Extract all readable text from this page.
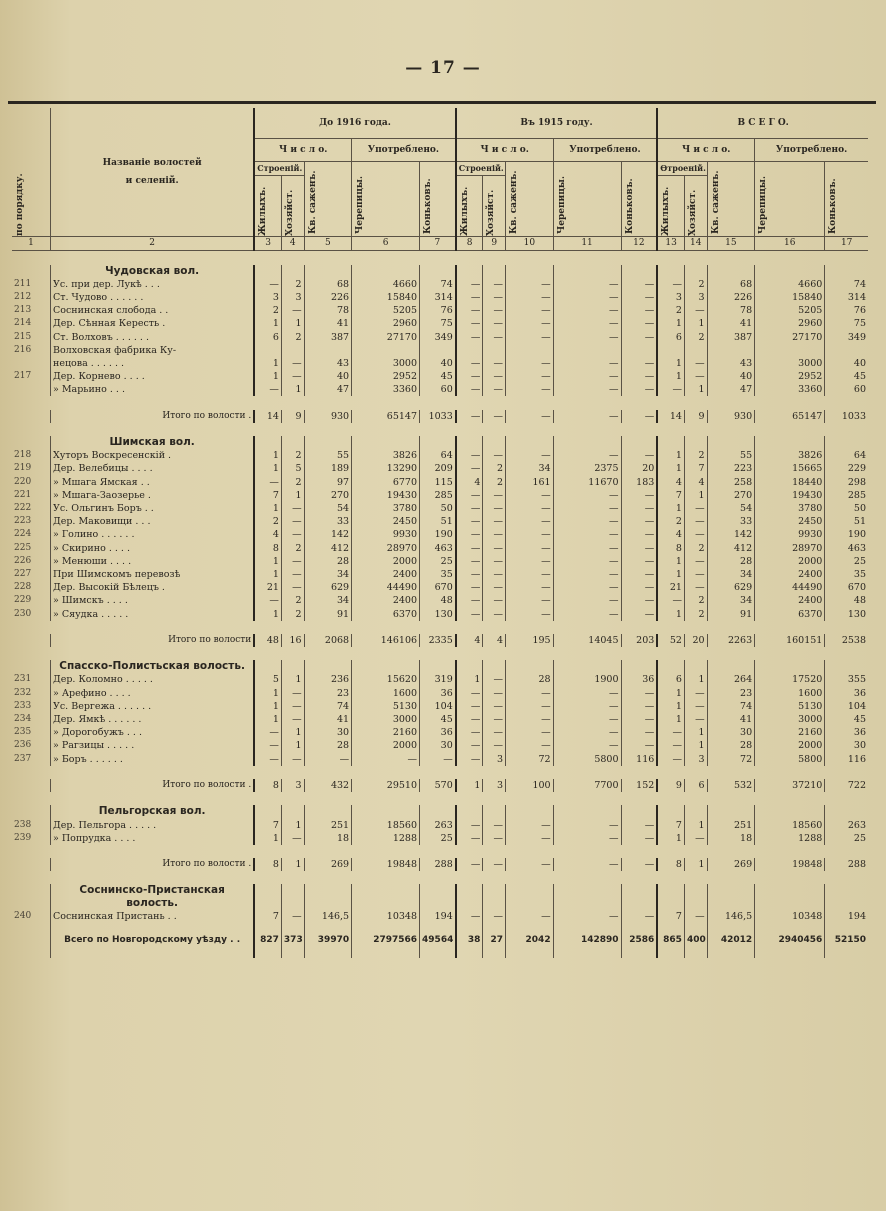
— 17 —
по порядку.	Названіе волостей
и селеній.	До 1916 года.					Въ 1915 году.					В С Е Г О.				
		Ч и с л о.			Употреблено.		Ч и с л о.			Употреблено.		Ч и с л о.			Употреблено.	
		Строеній.		Кв. саженъ.	Черепицы.	Коньковъ.	Строеній.		Кв. саженъ.	Черепицы.	Коньковъ.	Өтроеній.		Кв. саженъ.	Черепицы.	Коньковъ.

		Жилыхъ.	Хозяйст.				Жилыхъ.	Хозяйст.				Жилыхъ.	Хозяйст.			

1	2	3	4	5	6	7	8	9	10	11	12	13	14	15	16	17

	Чудовская вол.															
211	Ус. при дер. Лукѣ . . .	—	2	68	4660	74	—	—	—	—	—	—	2	68	4660	74
212	Ст. Чудово . . . . . .	3	3	226	15840	314	—	—	—	—	—	3	3	226	15840	314
213	Соснинская слобода . .	2	—	78	5205	76	—	—	—	—	—	2	—	78	5205	76
214	Дер. Сѣнная Кересть .	1	1	41	2960	75	—	—	—	—	—	1	1	41	2960	75
215	Ст. Волховъ . . . . . .	6	2	387	27170	349	—	—	—	—	—	6	2	387	27170	349
216	Волховская фабрика Ку-															
	нецова . . . . . .	1	—	43	3000	40	—	—	—	—	—	1	—	43	3000	40
217	Дер. Корнево . . . .	1	—	40	2952	45	—	—	—	—	—	1	—	40	2952	45
	» Марьино . . .	—	1	47	3360	60	—	—	—	—	—	—	1	47	3360	60

	Итого по волости .	14	9	930	65147	1033	—	—	—	—	—	14	9	930	65147	1033

	Шимская вол.															
218	Хуторъ Воскресенскій .	1	2	55	3826	64	—	—	—	—	—	1	2	55	3826	64
219	Дер. Велебицы . . . .	1	5	189	13290	209	—	2	34	2375	20	1	7	223	15665	229
220	» Мшага Ямская . .	—	2	97	6770	115	4	2	161	11670	183	4	4	258	18440	298
221	» Мшага-Заозерье .	7	1	270	19430	285	—	—	—	—	—	7	1	270	19430	285
222	Ус. Ольгинъ Боръ . .	1	—	54	3780	50	—	—	—	—	—	1	—	54	3780	50
223	Дер. Маковищи . . .	2	—	33	2450	51	—	—	—	—	—	2	—	33	2450	51
224	» Голино . . . . . .	4	—	142	9930	190	—	—	—	—	—	4	—	142	9930	190
225	» Скирино . . . .	8	2	412	28970	463	—	—	—	—	—	8	2	412	28970	463
226	» Менюши . . . .	1	—	28	2000	25	—	—	—	—	—	1	—	28	2000	25
227	При Шимскомъ перевозѣ	1	—	34	2400	35	—	—	—	—	—	1	—	34	2400	35
228	Дер. Высокій Бѣлецъ .	21	—	629	44490	670	—	—	—	—	—	21	—	629	44490	670
229	» Шимскъ . . . .	—	2	34	2400	48	—	—	—	—	—	—	2	34	2400	48
230	» Сяудка . . . . .	1	2	91	6370	130	—	—	—	—	—	1	2	91	6370	130

	Итого по волости	48	16	2068	146106	2335	4	4	195	14045	203	52	20	2263	160151	2538

	Спасско-Полистьская волость.															
231	Дер. Коломно . . . . .	5	1	236	15620	319	1	—	28	1900	36	6	1	264	17520	355
232	» Арефино . . . .	1	—	23	1600	36	—	—	—	—	—	1	—	23	1600	36
233	Ус. Вергежа . . . . . .	1	—	74	5130	104	—	—	—	—	—	1	—	74	5130	104
234	Дер. Ямкѣ . . . . . .	1	—	41	3000	45	—	—	—	—	—	1	—	41	3000	45
235	» Дорогобужъ . . .	—	1	30	2160	36	—	—	—	—	—	—	1	30	2160	36
236	» Рагзицы . . . . .	—	1	28	2000	30	—	—	—	—	—	—	1	28	2000	30
237	» Боръ . . . . . .	—	—	—	—	—	—	3	72	5800	116	—	3	72	5800	116

	Итого по волости .	8	3	432	29510	570	1	3	100	7700	152	9	6	532	37210	722

	Пельгорская вол.															
238	Дер. Пельгора . . . . .	7	1	251	18560	263	—	—	—	—	—	7	1	251	18560	263
239	» Попрудка . . . .	1	—	18	1288	25	—	—	—	—	—	1	—	18	1288	25

	Итого по волости .	8	1	269	19848	288	—	—	—	—	—	8	1	269	19848	288

	Соснинско-Пристанская волость.															
240	Соснинская Пристань . .	7	—	146,5	10348	194	—	—	—	—	—	7	—	146,5	10348	194
	Всего по Новгородскому уѣзду . .	827	373	39970	2797566	49564	38	27	2042	142890	2586	865	400	42012	2940456	52150
